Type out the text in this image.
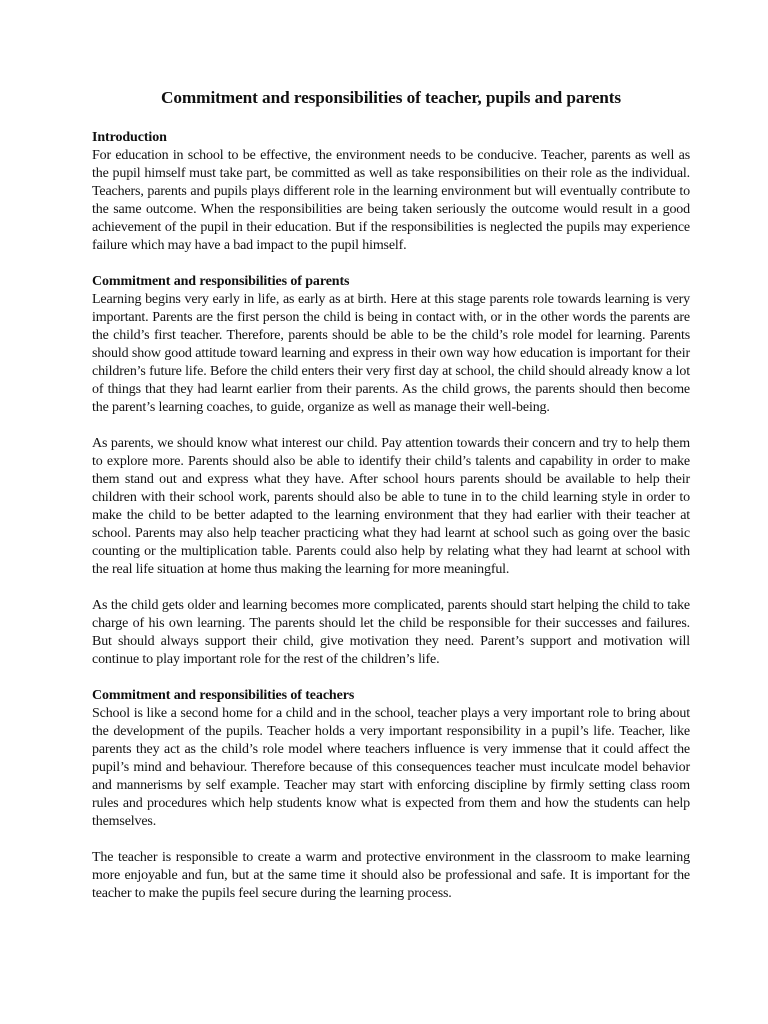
Commitment and responsibilities of teacher, pupils and parents
Introduction

For education in school to be effective, the environment needs to be conducive. Teacher, parents as well as the pupil himself must take part, be committed as well as take responsibilities on their role as the individual. Teachers, parents and pupils plays different role in the learning environment but will eventually contribute to the same outcome. When the responsibilities are being taken seriously the outcome would result in a good achievement of the pupil in their education. But if the responsibilities is neglected the pupils may experience failure which may have a bad impact to the pupil himself.

Commitment and responsibilities of parents

Learning begins very early in life, as early as at birth. Here at this stage parents role towards learning is very important. Parents are the first person the child is being in contact with, or in the other words the parents are the child’s first teacher. Therefore, parents should be able to be the child’s role model for learning. Parents should show good attitude toward learning and express in their own way how education is important for their children’s future life. Before the child enters their very first day at school, the child should already know a lot of things that they had learnt earlier from their parents. As the child grows, the parents should then become the parent’s learning coaches, to guide, organize as well as manage their well-being.

As parents, we should know what interest our child. Pay attention towards their concern and try to help them to explore more. Parents should also be able to identify their child’s talents and capability in order to make them stand out and express what they have. After school hours parents should be available to help their children with their school work, parents should also be able to tune in to the child learning style in order to make the child to be better adapted to the learning environment that they had earlier with their teacher at school. Parents may also help teacher practicing what they had learnt at school such as going over the basic counting or the multiplication table. Parents could also help by relating what they had learnt at school with the real life situation at home thus making the learning for more meaningful.

As the child gets older and learning becomes more complicated, parents should start helping the child to take charge of his own learning. The parents should let the child be responsible for their successes and failures. But should always support their child, give motivation they need. Parent’s support and motivation will continue to play important role for the rest of the children’s life.

Commitment and responsibilities of teachers

School is like a second home for a child and in the school, teacher plays a very important role to bring about the development of the pupils. Teacher holds a very important responsibility in a pupil’s life. Teacher, like parents they act as the child’s role model where teachers influence is very immense that it could affect the pupil’s mind and behaviour. Therefore because of this consequences teacher must inculcate model behavior and mannerisms by self example. Teacher may start with enforcing discipline by firmly setting class room rules and procedures which help students know what is expected from them and how the students can help themselves.

The teacher is responsible to create a warm and protective environment in the classroom to make learning more enjoyable and fun, but at the same time it should also be professional and safe. It is important for the teacher to make the pupils feel secure during the learning process.
